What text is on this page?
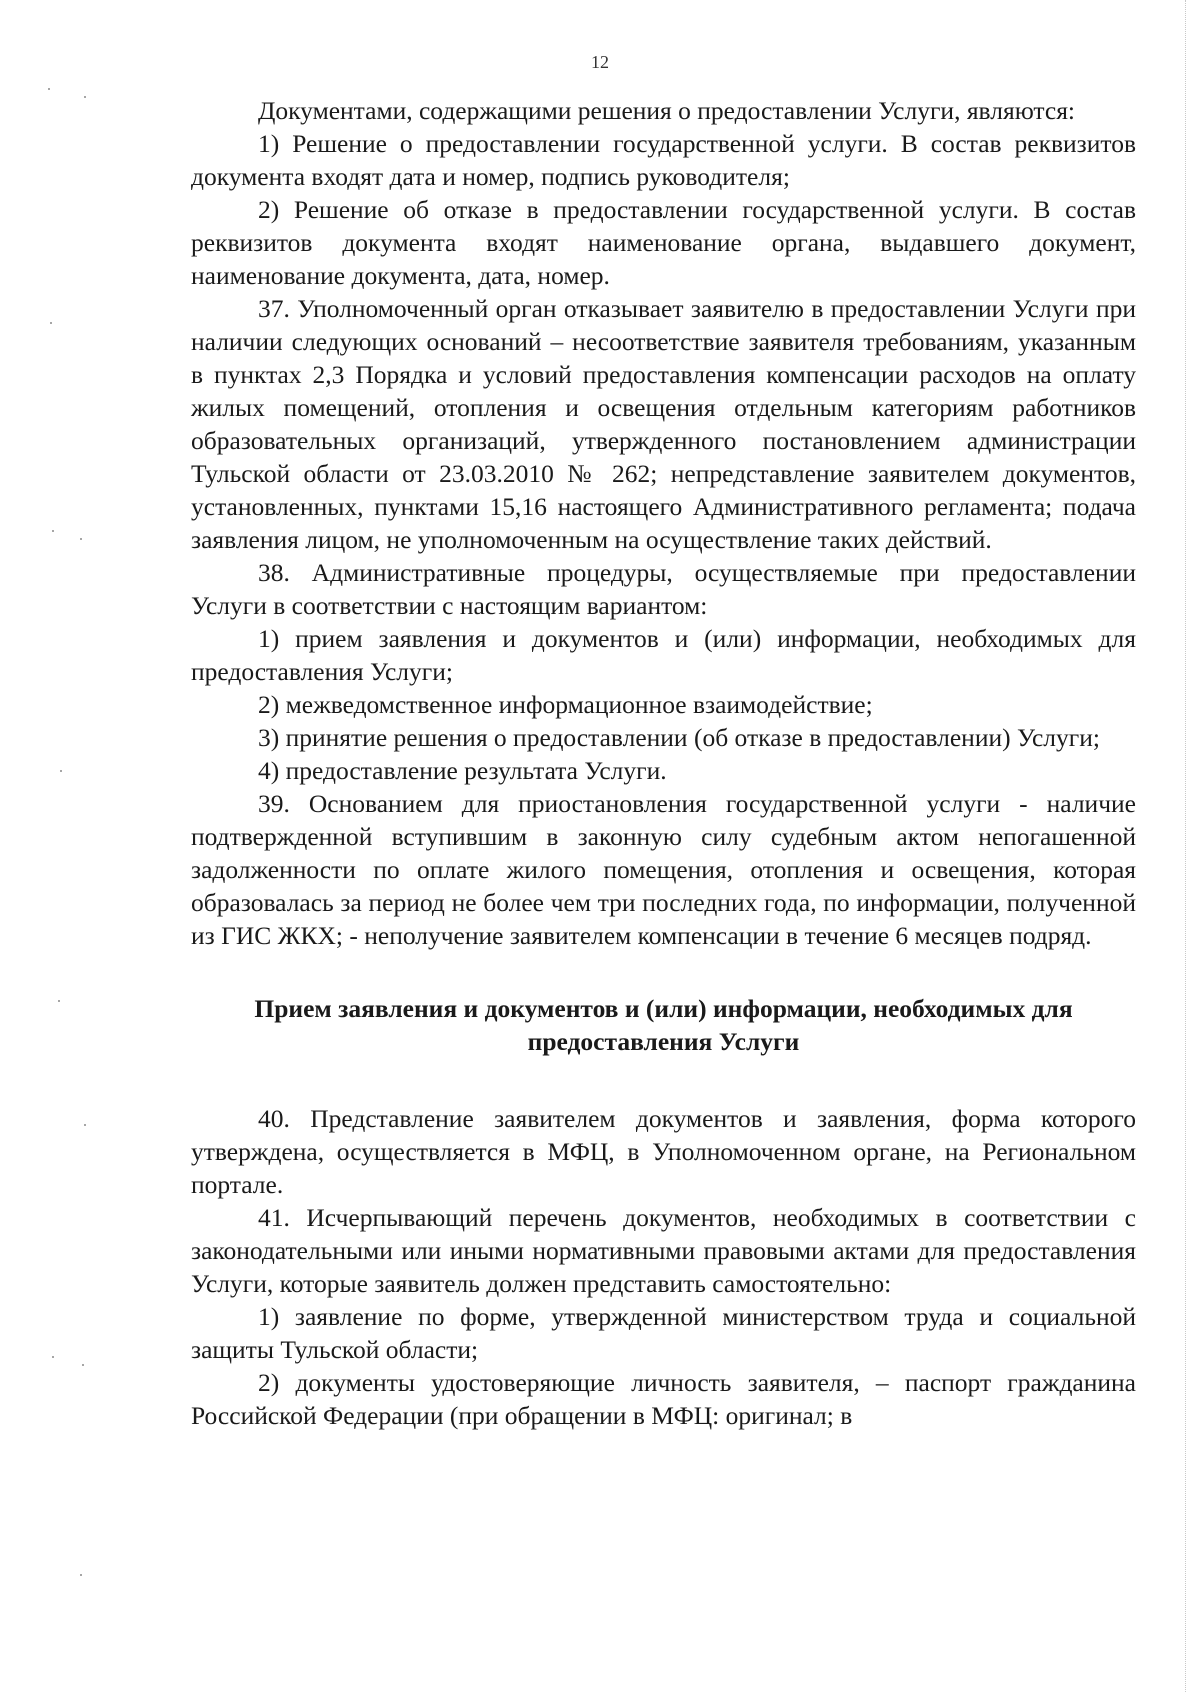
12

Документами, содержащими решения о предоставлении Услуги, являются:

1) Решение о предоставлении государственной услуги. В состав реквизитов документа входят дата и номер, подпись руководителя;

2) Решение об отказе в предоставлении государственной услуги. В состав реквизитов документа входят наименование органа, выдавшего документ, наименование документа, дата, номер.

37. Уполномоченный орган отказывает заявителю в предоставлении Услуги при наличии следующих оснований – несоответствие заявителя требованиям, указанным в пунктах 2,3 Порядка и условий предоставления компенсации расходов на оплату жилых помещений, отопления и освещения отдельным категориям работников образовательных организаций, утвержденного постановлением администрации Тульской области от 23.03.2010 № 262; непредставление заявителем документов, установленных, пунктами 15,16 настоящего Административного регламента; подача заявления лицом, не уполномоченным на осуществление таких действий.

38. Административные процедуры, осуществляемые при предоставлении Услуги в соответствии с настоящим вариантом:

1) прием заявления и документов и (или) информации, необходимых для предоставления Услуги;

2) межведомственное информационное взаимодействие;

3) принятие решения о предоставлении (об отказе в предоставлении) Услуги;

4) предоставление результата Услуги.

39. Основанием для приостановления государственной услуги - наличие подтвержденной вступившим в законную силу судебным актом непогашенной задолженности по оплате жилого помещения, отопления и освещения, которая образовалась за период не более чем три последних года, по информации, полученной из ГИС ЖКХ; - неполучение заявителем компенсации в течение 6 месяцев подряд.

Прием заявления и документов и (или) информации, необходимых для предоставления Услуги

40. Представление заявителем документов и заявления, форма которого утверждена, осуществляется в МФЦ, в Уполномоченном органе, на Региональном портале.

41. Исчерпывающий перечень документов, необходимых в соответствии с законодательными или иными нормативными правовыми актами для предоставления Услуги, которые заявитель должен представить самостоятельно:

1) заявление по форме, утвержденной министерством труда и социальной защиты Тульской области;

2) документы удостоверяющие личность заявителя, – паспорт гражданина Российской Федерации (при обращении в МФЦ: оригинал; в
